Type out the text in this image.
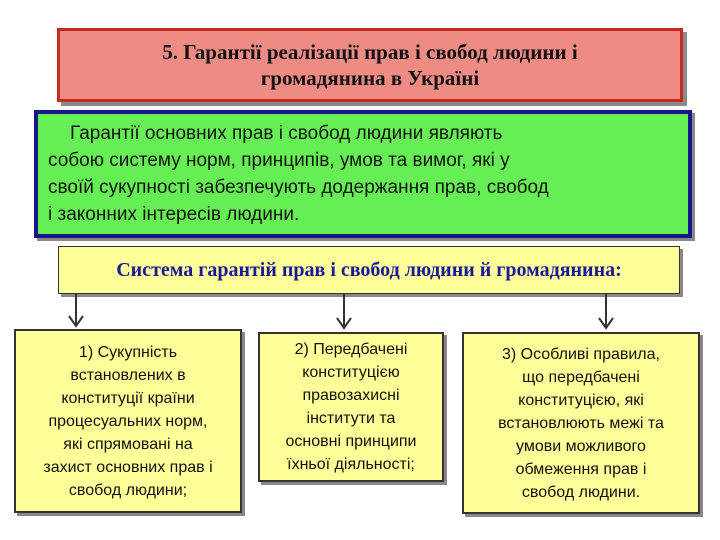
5. Гарантії реалізації прав і свобод людини і
громадянина в Україні
Гарантії основних прав і свобод людини являють
собою систему норм, принципів, умов та вимог, які у
своїй сукупності забезпечують додержання прав, свобод
і законних інтересів людини.
Система гарантій прав і свобод людини й громадянина:
1) Сукупність
встановлених в
конституції країни
процесуальних норм,
які спрямовані на
захист основних прав і
свобод людини;
2) Передбачені
конституцією
правозахисні
інститути та
основні принципи
їхньої діяльності;
3) Особливі правила,
що передбачені
конституцією, які
встановлюють межі та
умови можливого
обмеження прав і
свобод людини.
